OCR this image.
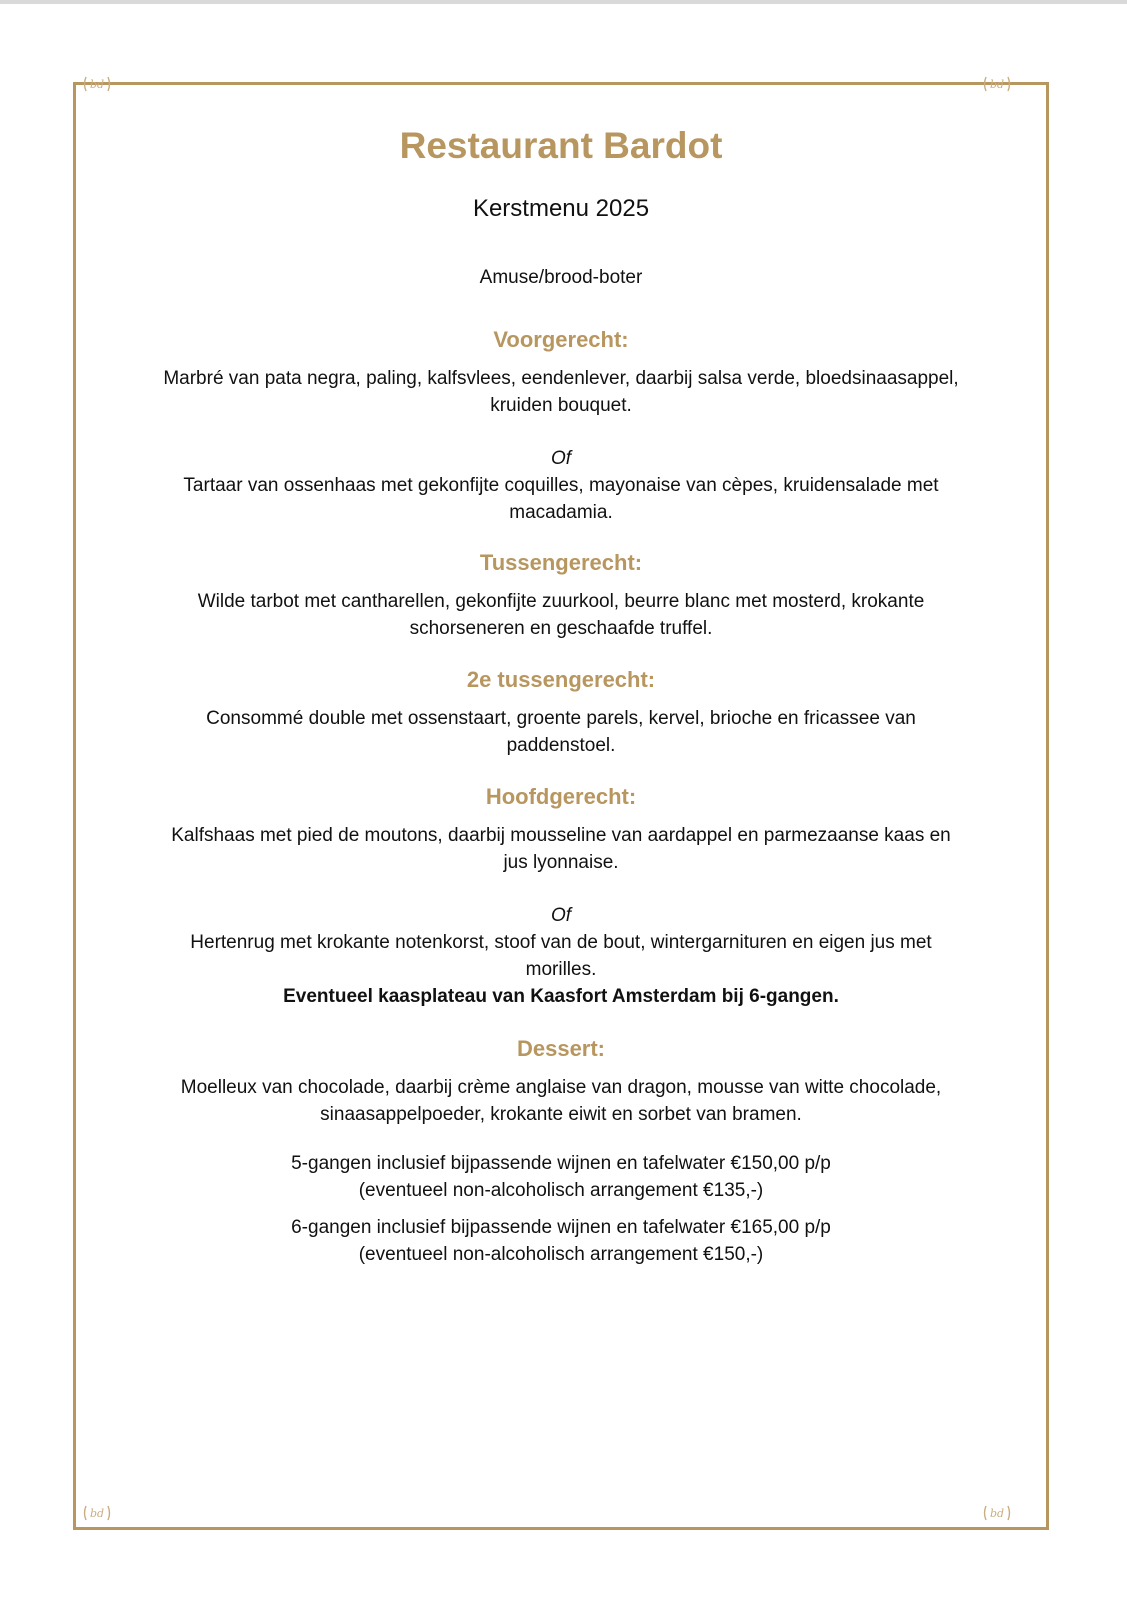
bd	bd
bd	bd
Restaurant Bardot
Kerstmenu 2025
Amuse/brood-boter
Voorgerecht:
Marbré van pata negra, paling, kalfsvlees, eendenlever, daarbij salsa verde, bloedsinaasappel,
kruiden bouquet.
Of
Tartaar van ossenhaas met gekonfijte coquilles, mayonaise van cèpes, kruidensalade met
macadamia.
Tussengerecht:
Wilde tarbot met cantharellen, gekonfijte zuurkool, beurre blanc met mosterd, krokante
schorseneren en geschaafde truffel.
2e tussengerecht:
Consommé double met ossenstaart, groente parels, kervel, brioche en fricassee van
paddenstoel.
Hoofdgerecht:
Kalfshaas met pied de moutons, daarbij mousseline van aardappel en parmezaanse kaas en
jus lyonnaise.
Of
Hertenrug met krokante notenkorst, stoof van de bout, wintergarnituren en eigen jus met
morilles.
Eventueel kaasplateau van Kaasfort Amsterdam bij 6-gangen.
Dessert:
Moelleux van chocolade, daarbij crème anglaise van dragon, mousse van witte chocolade,
sinaasappelpoeder, krokante eiwit en sorbet van bramen.
5-gangen inclusief bijpassende wijnen en tafelwater €150,00 p/p
(eventueel non-alcoholisch arrangement €135,-)
6-gangen inclusief bijpassende wijnen en tafelwater €165,00 p/p
(eventueel non-alcoholisch arrangement €150,-)
